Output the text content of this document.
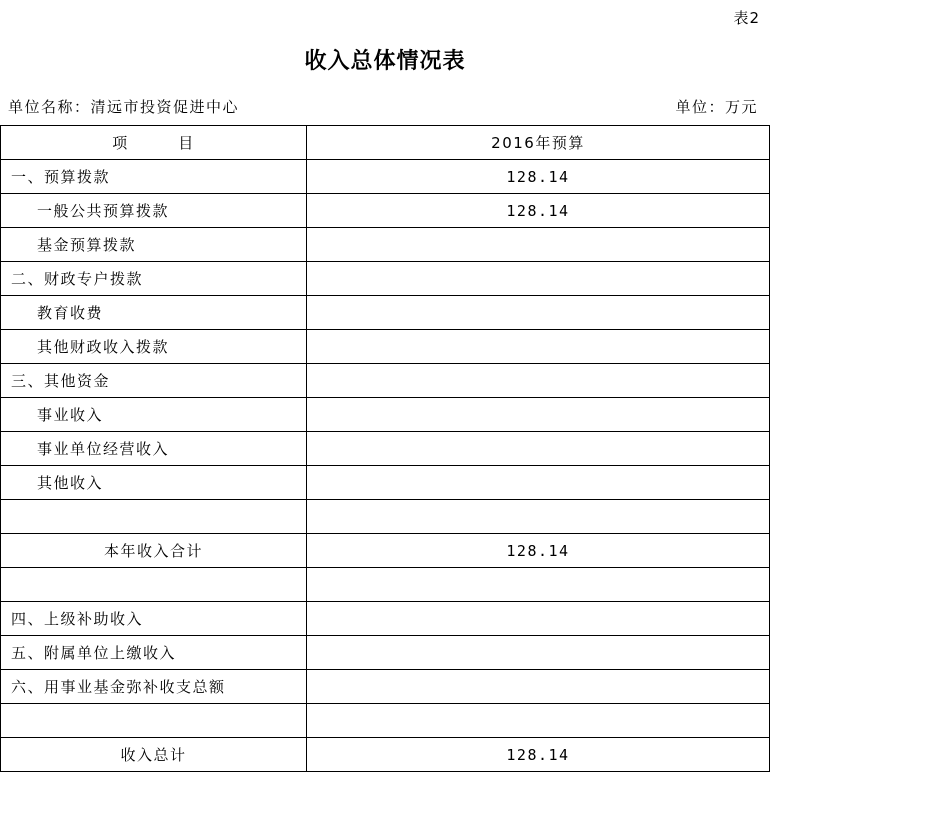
表2
收入总体情况表
单位名称：清远市投资促进中心	单位：万元
项　　　目	2016年预算
一、预算拨款	128.14
一般公共预算拨款	128.14
基金预算拨款	
二、财政专户拨款	
教育收费	
其他财政收入拨款	
三、其他资金	
事业收入	
事业单位经营收入	
其他收入	

本年收入合计	128.14

四、上级补助收入	
五、附属单位上缴收入	
六、用事业基金弥补收支总额	

收入总计	128.14
